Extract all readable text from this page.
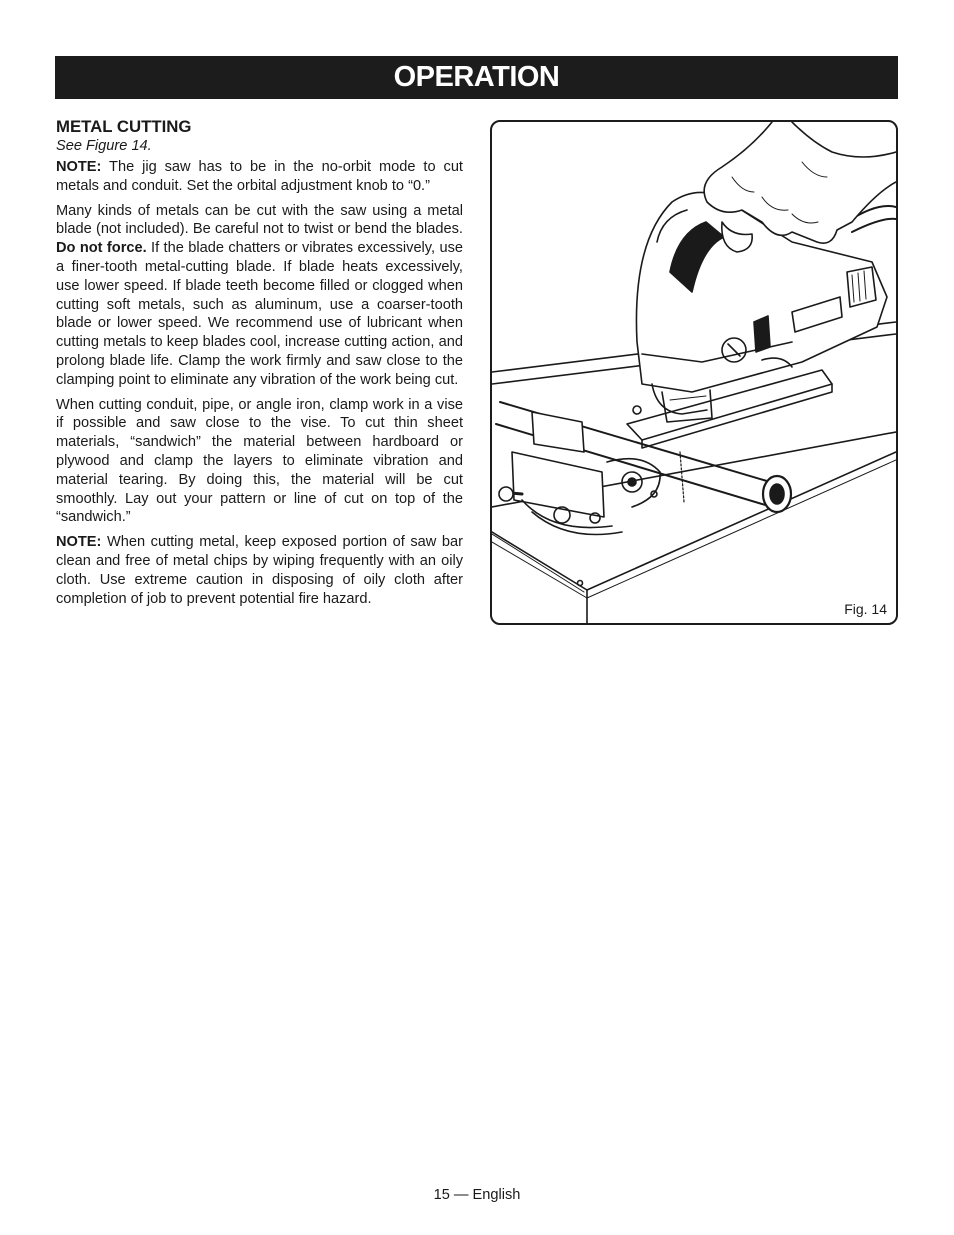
OPERATION
METAL CUTTING

See Figure 14.

NOTE: The jig saw has to be in the no-orbit mode to cut metals and conduit. Set the orbital adjustment knob to “0.”

Many kinds of metals can be cut with the saw using a metal blade (not included). Be careful not to twist or bend the blades. Do not force. If the blade chatters or vibrates excessively, use a finer-tooth metal-cutting blade. If blade heats excessively, use lower speed. If blade teeth become filled or clogged when cutting soft metals, such as aluminum, use a coarser-tooth blade or lower speed. We recommend use of lubricant when cutting metals to keep blades cool, increase cutting action, and prolong blade life. Clamp the work firmly and saw close to the clamping point to eliminate any vibration of the work being cut.

When cutting conduit, pipe, or angle iron, clamp work in a vise if possible and saw close to the vise. To cut thin sheet materials, “sandwich” the material between hardboard or plywood and clamp the layers to eliminate vibration and material tearing. By doing this, the material will be cut smoothly. Lay out your pattern or line of cut on top of the “sandwich.”

NOTE: When cutting metal, keep exposed portion of saw bar clean and free of metal chips by wiping frequently with an oily cloth. Use extreme caution in disposing of oily cloth after completion of job to prevent potential fire hazard.

Fig. 14
15 — English
